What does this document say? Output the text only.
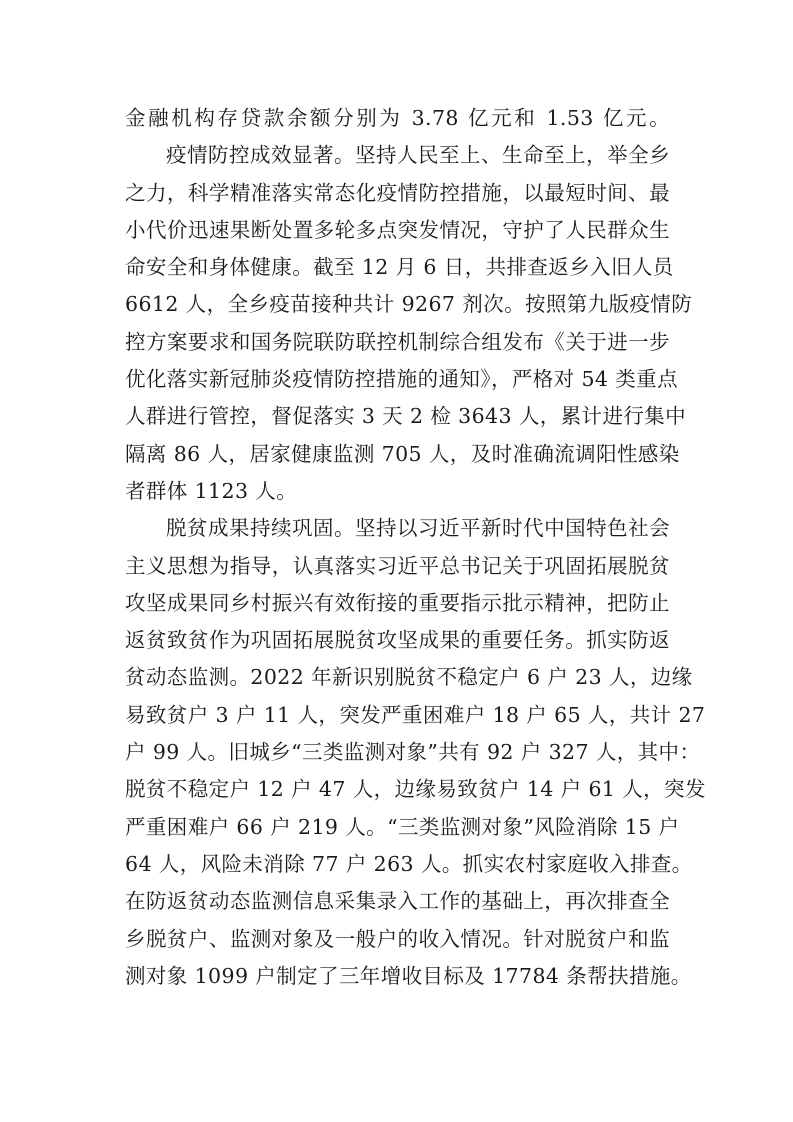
金融机构存贷款余额分别为 3.78 亿元和 1.53 亿元。
疫情防控成效显著。坚持人民至上、生命至上，举全乡
之力，科学精准落实常态化疫情防控措施，以最短时间、最
小代价迅速果断处置多轮多点突发情况，守护了人民群众生
命安全和身体健康。截至 12 月 6 日，共排查返乡入旧人员
6612 人，全乡疫苗接种共计 9267 剂次。按照第九版疫情防
控方案要求和国务院联防联控机制综合组发布《关于进一步
优化落实新冠肺炎疫情防控措施的通知》，严格对 54 类重点
人群进行管控，督促落实 3 天 2 检 3643 人，累计进行集中
隔离 86 人，居家健康监测 705 人，及时准确流调阳性感染
者群体 1123 人。
脱贫成果持续巩固。坚持以习近平新时代中国特色社会
主义思想为指导，认真落实习近平总书记关于巩固拓展脱贫
攻坚成果同乡村振兴有效衔接的重要指示批示精神，把防止
返贫致贫作为巩固拓展脱贫攻坚成果的重要任务。抓实防返
贫动态监测。2022 年新识别脱贫不稳定户 6 户 23 人，边缘
易致贫户 3 户 11 人，突发严重困难户 18 户 65 人，共计 27
户 99 人。旧城乡“三类监测对象”共有 92 户 327 人，其中：
脱贫不稳定户 12 户 47 人，边缘易致贫户 14 户 61 人，突发
严重困难户 66 户 219 人。“三类监测对象”风险消除 15 户
64 人，风险未消除 77 户 263 人。抓实农村家庭收入排查。
在防返贫动态监测信息采集录入工作的基础上，再次排查全
乡脱贫户、监测对象及一般户的收入情况。针对脱贫户和监
测对象 1099 户制定了三年增收目标及 17784 条帮扶措施。
